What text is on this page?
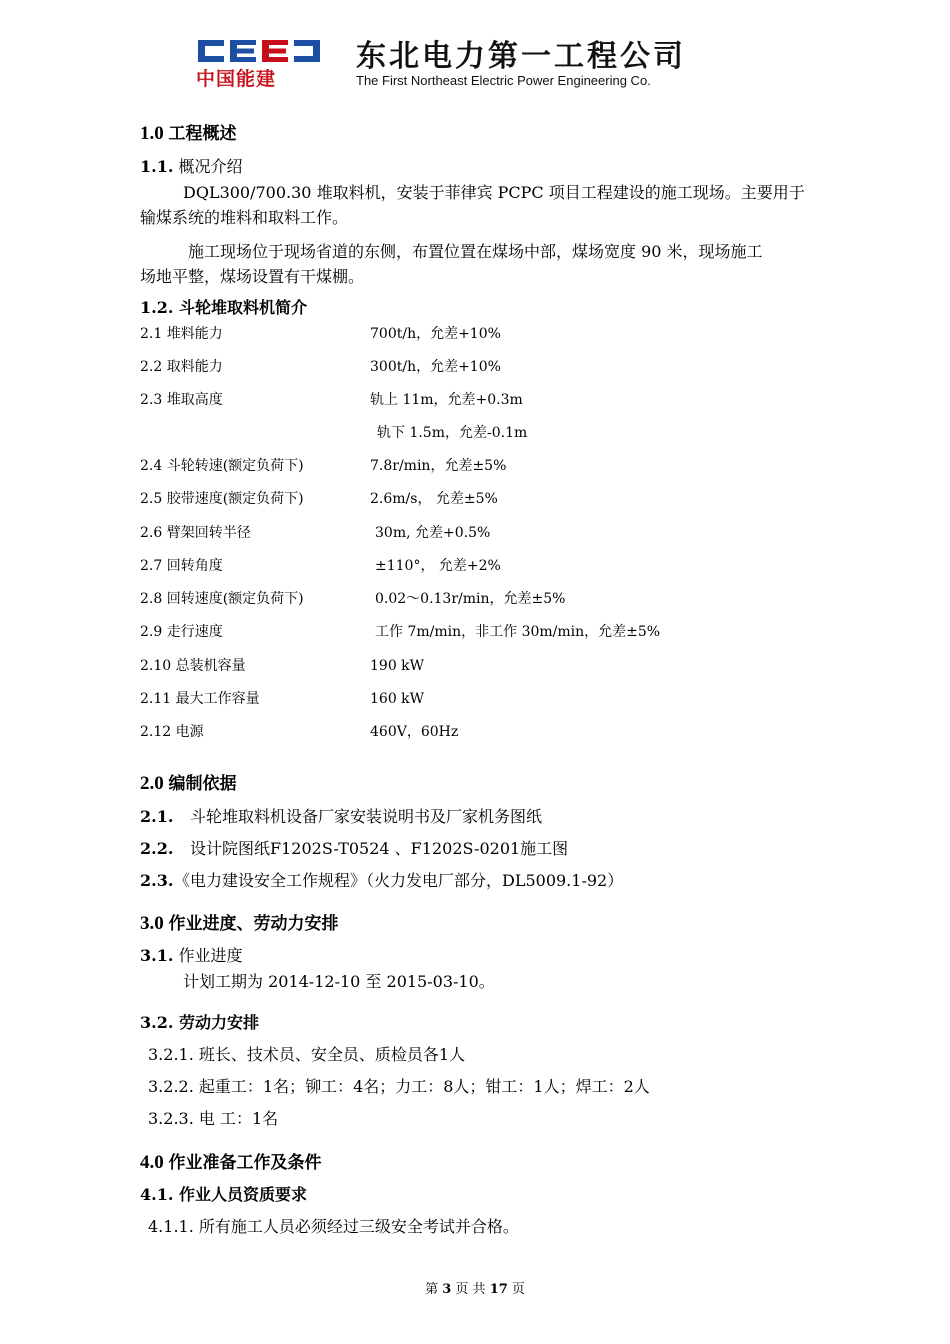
中国能建
东北电力第一工程公司
The First Northeast Electric Power Engineering Co.
1.0 工程概述
1.1. 概况介绍
DQL300/700.30 堆取料机，安装于菲律宾 PCPC 项目工程建设的施工现场。主要用于
输煤系统的堆料和取料工作。
施工现场位于现场省道的东侧，布置位置在煤场中部，煤场宽度 90 米，现场施工
场地平整，煤场设置有干煤棚。
1.2. 斗轮堆取料机简介
2.1 堆料能力	700t/h，允差+10%
2.2 取料能力	300t/h，允差+10%
2.3 堆取高度	轨上 11m，允差+0.3m
轨下 1.5m，允差-0.1m
2.4 斗轮转速(额定负荷下)	7.8r/min，允差±5%
2.5 胶带速度(额定负荷下)	2.6m/s， 允差±5%
2.6 臂架回转半径	30m, 允差+0.5%
2.7 回转角度	±110°， 允差+2%
2.8 回转速度(额定负荷下)	0.02～0.13r/min，允差±5%
2.9 走行速度	工作 7m/min，非工作 30m/min，允差±5%
2.10 总装机容量	190 kW
2.11 最大工作容量	160 kW
2.12 电源	460V，60Hz
2.0 编制依据
2.1. 斗轮堆取料机设备厂家安装说明书及厂家机务图纸
2.2. 设计院图纸F1202S-T0524 、F1202S-0201施工图
2.3.《电力建设安全工作规程》（火力发电厂部分，DL5009.1-92）
3.0 作业进度、劳动力安排
3.1. 作业进度
计划工期为 2014-12-10 至 2015-03-10。
3.2. 劳动力安排
3.2.1. 班长、技术员、安全员、质检员各1人
3.2.2. 起重工：1名；铆工：4名；力工：8人；钳工：1人；焊工：2人
3.2.3. 电 工：1名
4.0 作业准备工作及条件
4.1. 作业人员资质要求
4.1.1. 所有施工人员必须经过三级安全考试并合格。
第 3 页 共 17 页
